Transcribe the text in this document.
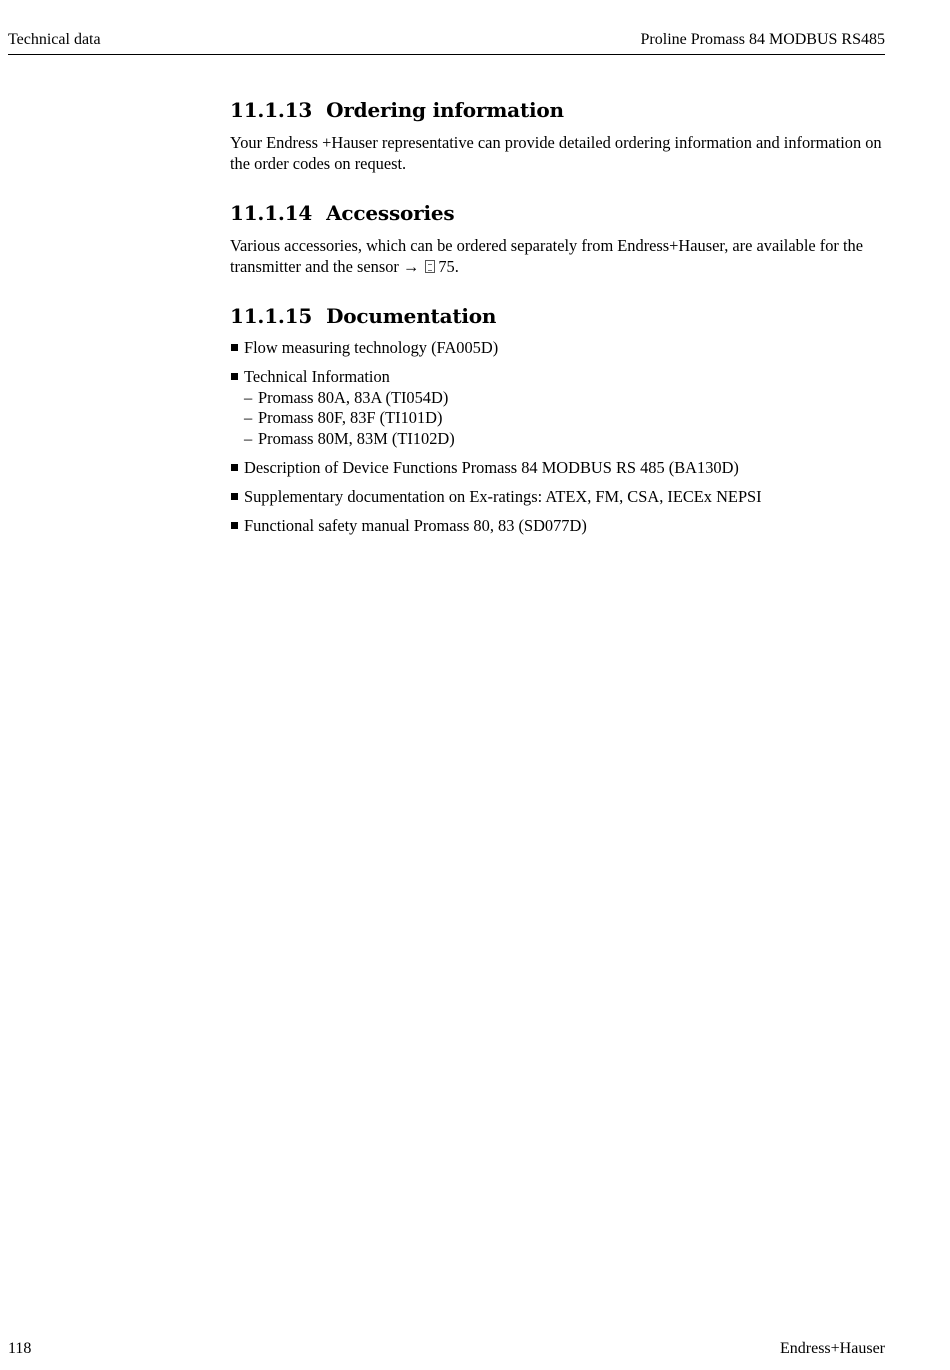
Technical data	Proline Promass 84 MODBUS RS485
11.1.13 Ordering information

Your Endress +Hauser representative can provide detailed ordering information and information on the order codes on request.

11.1.14 Accessories

Various accessories, which can be ordered separately from Endress+Hauser, are available for the transmitter and the sensor → 75.

11.1.15 Documentation
Flow measuring technology (FA005D)
Technical Information
– Promass 80A, 83A (TI054D)
– Promass 80F, 83F (TI101D)
– Promass 80M, 83M (TI102D)
Description of Device Functions Promass 84 MODBUS RS 485 (BA130D)
Supplementary documentation on Ex-ratings: ATEX, FM, CSA, IECEx NEPSI
Functional safety manual Promass 80, 83 (SD077D)
118	Endress+Hauser
